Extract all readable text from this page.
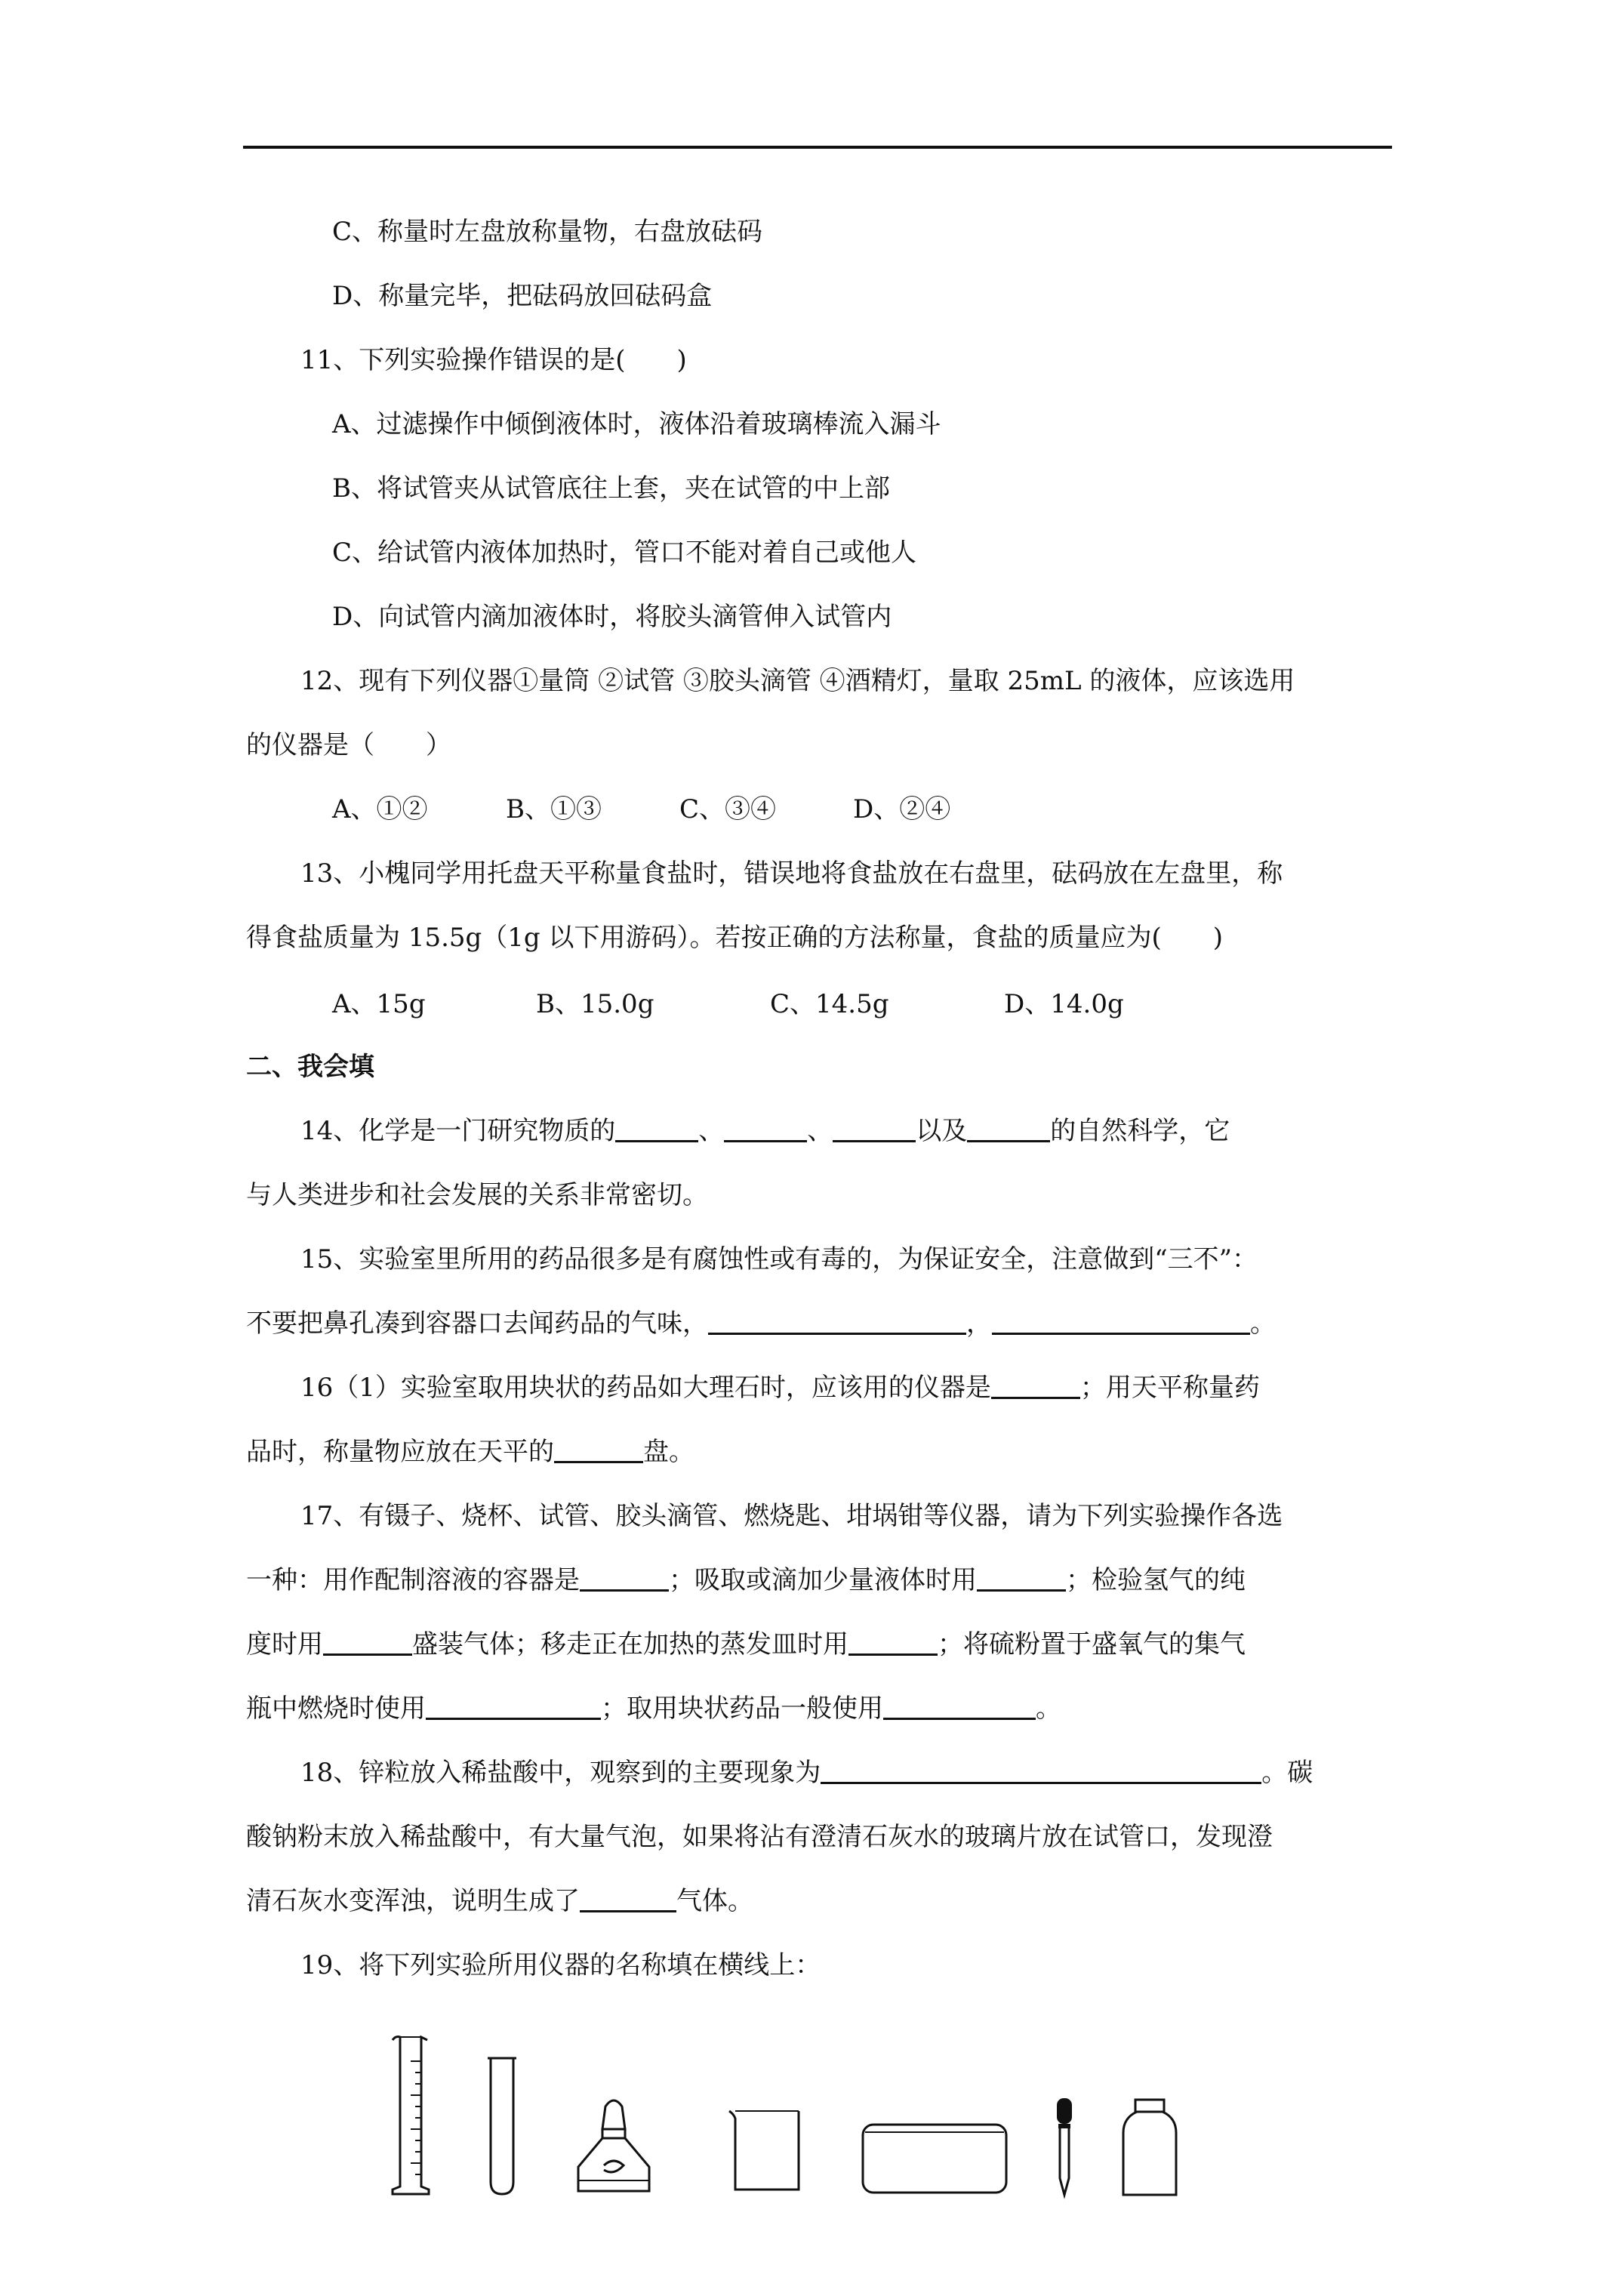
C、称量时左盘放称量物，右盘放砝码
D、称量完毕，把砝码放回砝码盒
11、下列实验操作错误的是(　　)
A、过滤操作中倾倒液体时，液体沿着玻璃棒流入漏斗
B、将试管夹从试管底往上套，夹在试管的中上部
C、给试管内液体加热时，管口不能对着自己或他人
D、向试管内滴加液体时，将胶头滴管伸入试管内
12、现有下列仪器①量筒 ②试管 ③胶头滴管 ④酒精灯，量取 25mL 的液体，应该选用
的仪器是（　　）
A、①②	B、①③	C、③④	D、②④
13、小槐同学用托盘天平称量食盐时，错误地将食盐放在右盘里，砝码放在左盘里，称
得食盐质量为 15.5g（1g 以下用游码）。若按正确的方法称量，食盐的质量应为(　　)
A、15g	B、15.0g	C、14.5g	D、14.0g
二、我会填
14、化学是一门研究物质的	、	、	以及	的自然科学，它
与人类进步和社会发展的关系非常密切。
15、实验室里所用的药品很多是有腐蚀性或有毒的，为保证安全，注意做到“三不”：
不要把鼻孔凑到容器口去闻药品的气味，	，	。
16（1）实验室取用块状的药品如大理石时，应该用的仪器是	；用天平称量药
品时，称量物应放在天平的	盘。
17、有镊子、烧杯、试管、胶头滴管、燃烧匙、坩埚钳等仪器，请为下列实验操作各选
一种：用作配制溶液的容器是	；吸取或滴加少量液体时用	；检验氢气的纯
度时用	盛装气体；移走正在加热的蒸发皿时用	；将硫粉置于盛氧气的集气
瓶中燃烧时使用	；取用块状药品一般使用	。
18、锌粒放入稀盐酸中，观察到的主要现象为	。碳
酸钠粉末放入稀盐酸中，有大量气泡，如果将沾有澄清石灰水的玻璃片放在试管口，发现澄
清石灰水变浑浊，说明生成了	气体。
19、将下列实验所用仪器的名称填在横线上：
